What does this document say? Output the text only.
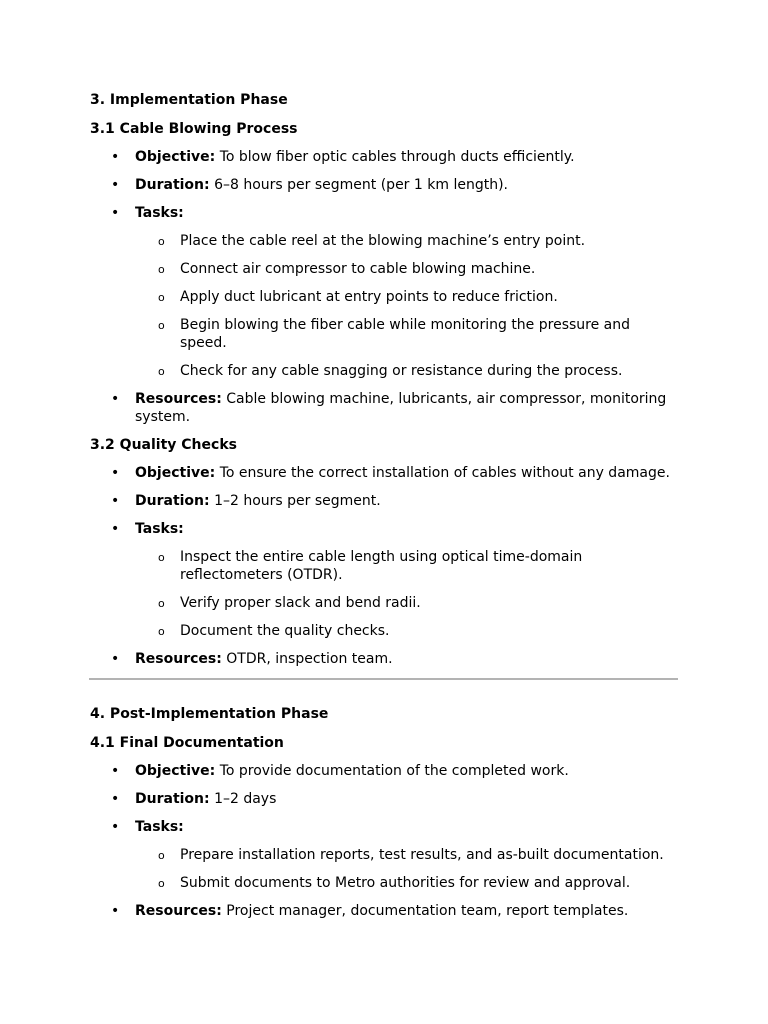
3. Implementation Phase
3.1 Cable Blowing Process
• Objective: To blow fiber optic cables through ducts efficiently.
• Duration: 6–8 hours per segment (per 1 km length).
• Tasks:
o Place the cable reel at the blowing machine’s entry point.
o Connect air compressor to cable blowing machine.
o Apply duct lubricant at entry points to reduce friction.
o Begin blowing the fiber cable while monitoring the pressure and speed.
o Check for any cable snagging or resistance during the process.
• Resources: Cable blowing machine, lubricants, air compressor, monitoring system.
3.2 Quality Checks
• Objective: To ensure the correct installation of cables without any damage.
• Duration: 1–2 hours per segment.
• Tasks:
o Inspect the entire cable length using optical time-domain reflectometers (OTDR).
o Verify proper slack and bend radii.
o Document the quality checks.
• Resources: OTDR, inspection team.
4. Post-Implementation Phase
4.1 Final Documentation
• Objective: To provide documentation of the completed work.
• Duration: 1–2 days
• Tasks:
o Prepare installation reports, test results, and as-built documentation.
o Submit documents to Metro authorities for review and approval.
• Resources: Project manager, documentation team, report templates.
